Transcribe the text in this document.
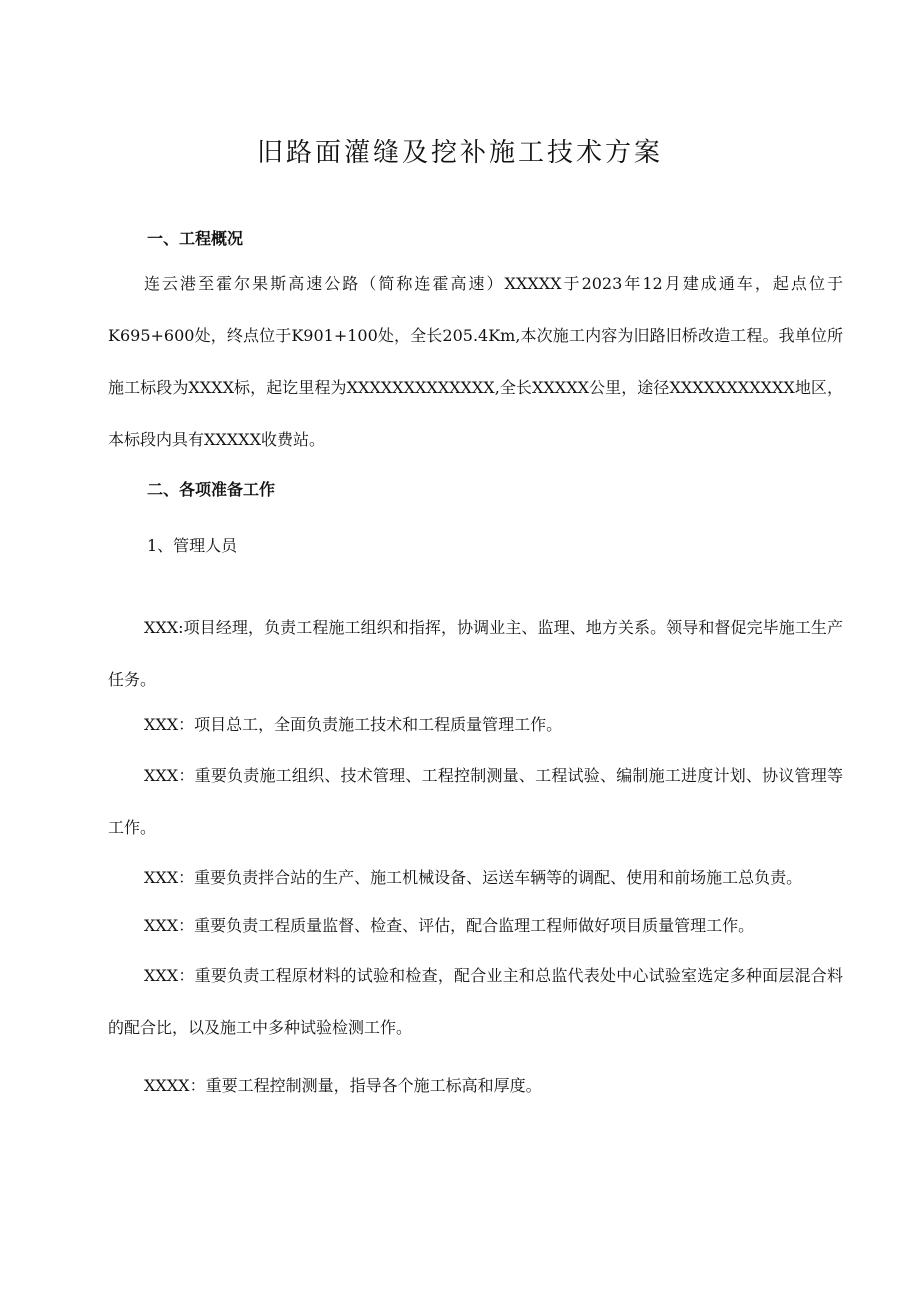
旧路面灌缝及挖补施工技术方案
一、工程概况

连云港至霍尔果斯高速公路（简称连霍高速）XXXXX于2023年12月建成通车，起点位于K695+600处，终点位于K901+100处，全长205.4Km,本次施工内容为旧路旧桥改造工程。我单位所施工标段为XXXX标，起讫里程为XXXXXXXXXXXXX,全长XXXXX公里，途径XXXXXXXXXXX地区，本标段内具有XXXXX收费站。

二、各项准备工作

1、管理人员

XXX:项目经理，负责工程施工组织和指挥，协调业主、监理、地方关系。领导和督促完毕施工生产任务。

XXX：项目总工，全面负责施工技术和工程质量管理工作。

XXX：重要负责施工组织、技术管理、工程控制测量、工程试验、编制施工进度计划、协议管理等工作。

XXX：重要负责拌合站的生产、施工机械设备、运送车辆等的调配、使用和前场施工总负责。

XXX：重要负责工程质量监督、检查、评估，配合监理工程师做好项目质量管理工作。

XXX：重要负责工程原材料的试验和检查，配合业主和总监代表处中心试验室选定多种面层混合料的配合比，以及施工中多种试验检测工作。

XXXX：重要工程控制测量，指导各个施工标高和厚度。
